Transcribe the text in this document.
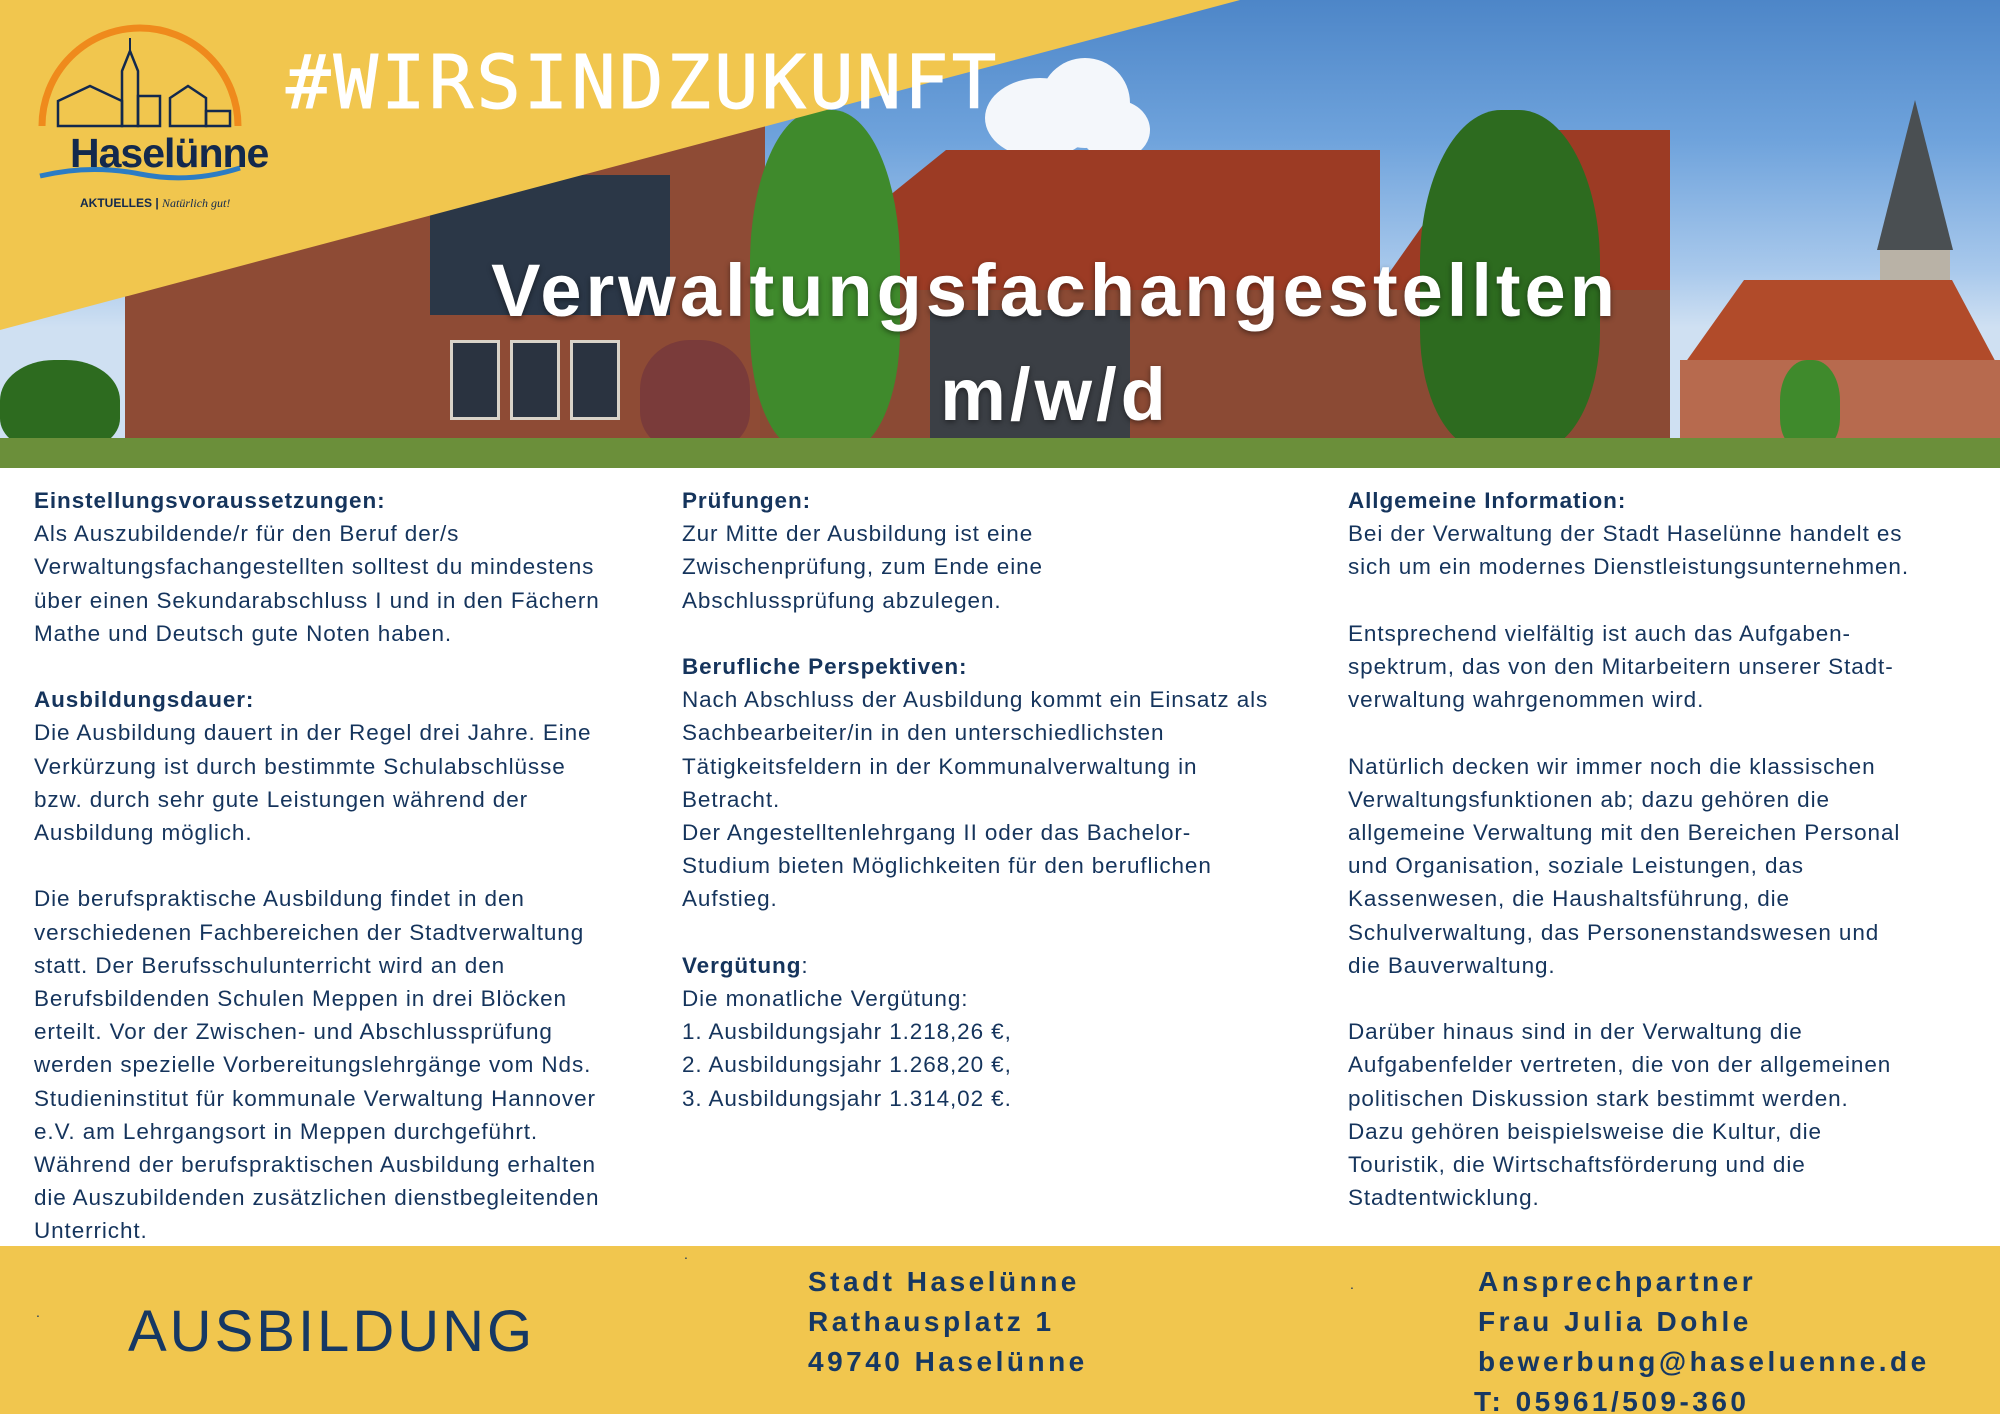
Haselünne
AKTUELLES | Natürlich gut!
#WIRSINDZUKUNFT
Verwaltungsfachangestellten
m/w/d
Einstellungsvoraussetzungen:
Als Auszubildende/r für den Beruf der/s
Verwaltungsfachangestellten solltest du mindestens
über einen Sekundarabschluss I und in den Fächern
Mathe und Deutsch gute Noten haben.
Ausbildungsdauer:
Die Ausbildung dauert in der Regel drei Jahre. Eine
Verkürzung ist durch bestimmte Schulabschlüsse
bzw. durch sehr gute Leistungen während der
Ausbildung möglich.
Die berufspraktische Ausbildung findet in den
verschiedenen Fachbereichen der Stadtverwaltung
statt. Der Berufsschulunterricht wird an den
Berufsbildenden Schulen Meppen in drei Blöcken
erteilt. Vor der Zwischen- und Abschlussprüfung
werden spezielle Vorbereitungslehrgänge vom Nds.
Studieninstitut für kommunale Verwaltung Hannover
e.V. am Lehrgangsort in Meppen durchgeführt.
Während der berufspraktischen Ausbildung erhalten
die Auszubildenden zusätzlichen dienstbegleitenden
Unterricht.
Prüfungen:
Zur Mitte der Ausbildung ist eine
Zwischenprüfung, zum Ende eine
Abschlussprüfung abzulegen.
Berufliche Perspektiven:
Nach Abschluss der Ausbildung kommt ein Einsatz als
Sachbearbeiter/in in den unterschiedlichsten
Tätigkeitsfeldern in der Kommunalverwaltung in
Betracht.
Der Angestelltenlehrgang II oder das Bachelor-
Studium bieten Möglichkeiten für den beruflichen
Aufstieg.
Vergütung:
Die monatliche Vergütung:
1. Ausbildungsjahr 1.218,26 €,
2. Ausbildungsjahr 1.268,20 €,
3. Ausbildungsjahr 1.314,02 €.
Allgemeine Information:
Bei der Verwaltung der Stadt Haselünne handelt es
sich um ein modernes Dienstleistungsunternehmen.
Entsprechend vielfältig ist auch das Aufgaben-
spektrum, das von den Mitarbeitern unserer Stadt-
verwaltung wahrgenommen wird.
Natürlich decken wir immer noch die klassischen
Verwaltungsfunktionen ab; dazu gehören die
allgemeine Verwaltung mit den Bereichen Personal
und Organisation, soziale Leistungen, das
Kassenwesen, die Haushaltsführung, die
Schulverwaltung, das Personenstandswesen und
die Bauverwaltung.
Darüber hinaus sind in der Verwaltung die
Aufgabenfelder vertreten, die von der allgemeinen
politischen Diskussion stark bestimmt werden.
Dazu gehören beispielsweise die Kultur, die
Touristik, die Wirtschaftsförderung und die
Stadtentwicklung.
.
.
.
AUSBILDUNG
Stadt Haselünne
Rathausplatz 1
49740 Haselünne
Ansprechpartner
Frau Julia Dohle
bewerbung@haseluenne.de
T: 05961/509-360
